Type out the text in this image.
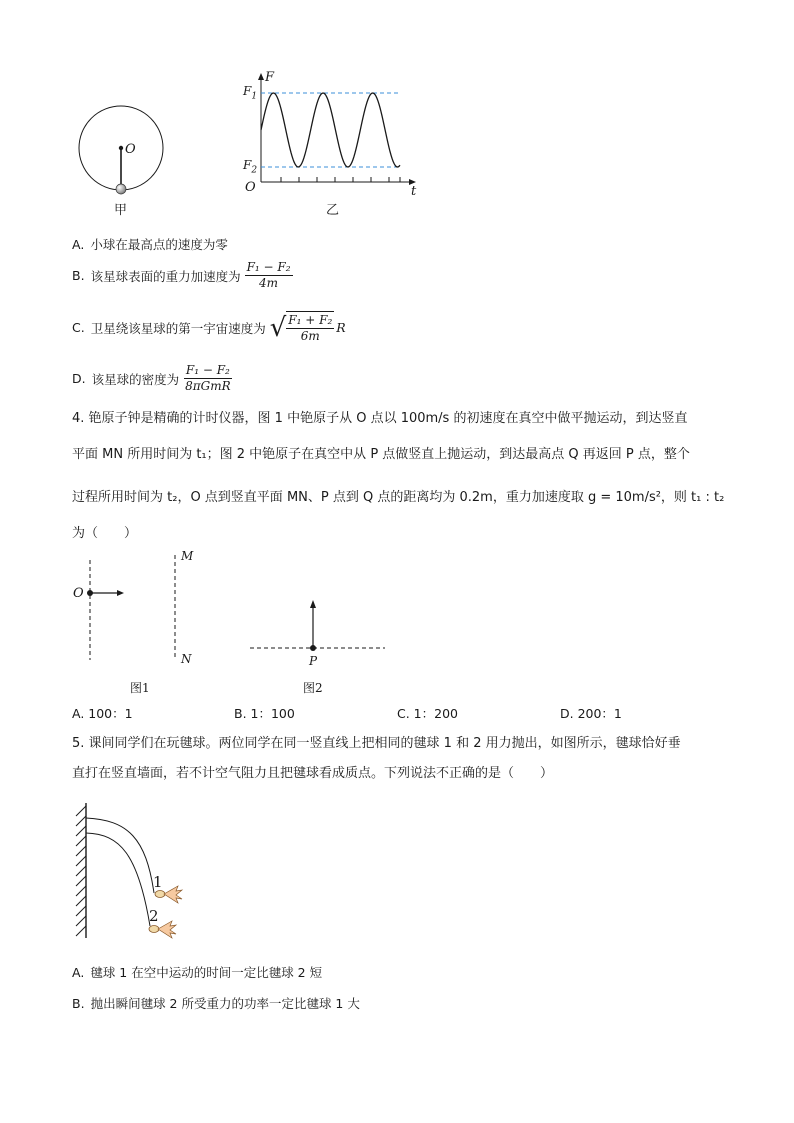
O
甲
F
t
O
$F_1$
$F_2$
乙
A. 小球在最高点的速度为零
B. 该星球表面的重力加速度为 $\frac{\text{F₁ − F₂}}{4m}$
C. 卫星绕该星球的第一宇宙速度为 √ $\frac{\text{F₁ + F₂}}{6m}$ R
D. 该星球的密度为 $\frac{\text{F₁ − F₂}}{\text{8πGmR}}$
4. 铯原子钟是精确的计时仪器，图 1 中铯原子从 O 点以 100m/s 的初速度在真空中做平抛运动，到达竖直
平面 MN 所用时间为 t₁；图 2 中铯原子在真空中从 P 点做竖直上抛运动，到达最高点 Q 再返回 P 点，整个
过程所用时间为 t₂，O 点到竖直平面 MN、P 点到 Q 点的距离均为 0.2m，重力加速度取 g = 10m/s²，则 t₁ : t₂
为（　　）
O
M
N
图1
P
图2
A. 100：1	B. 1：100	C. 1：200	D. 200：1
5. 课间同学们在玩毽球。两位同学在同一竖直线上把相同的毽球 1 和 2 用力抛出，如图所示，毽球恰好垂
直打在竖直墙面，若不计空气阻力且把毽球看成质点。下列说法不正确的是（　　）
1
2
A. 毽球 1 在空中运动的时间一定比毽球 2 短
B. 抛出瞬间毽球 2 所受重力的功率一定比毽球 1 大
